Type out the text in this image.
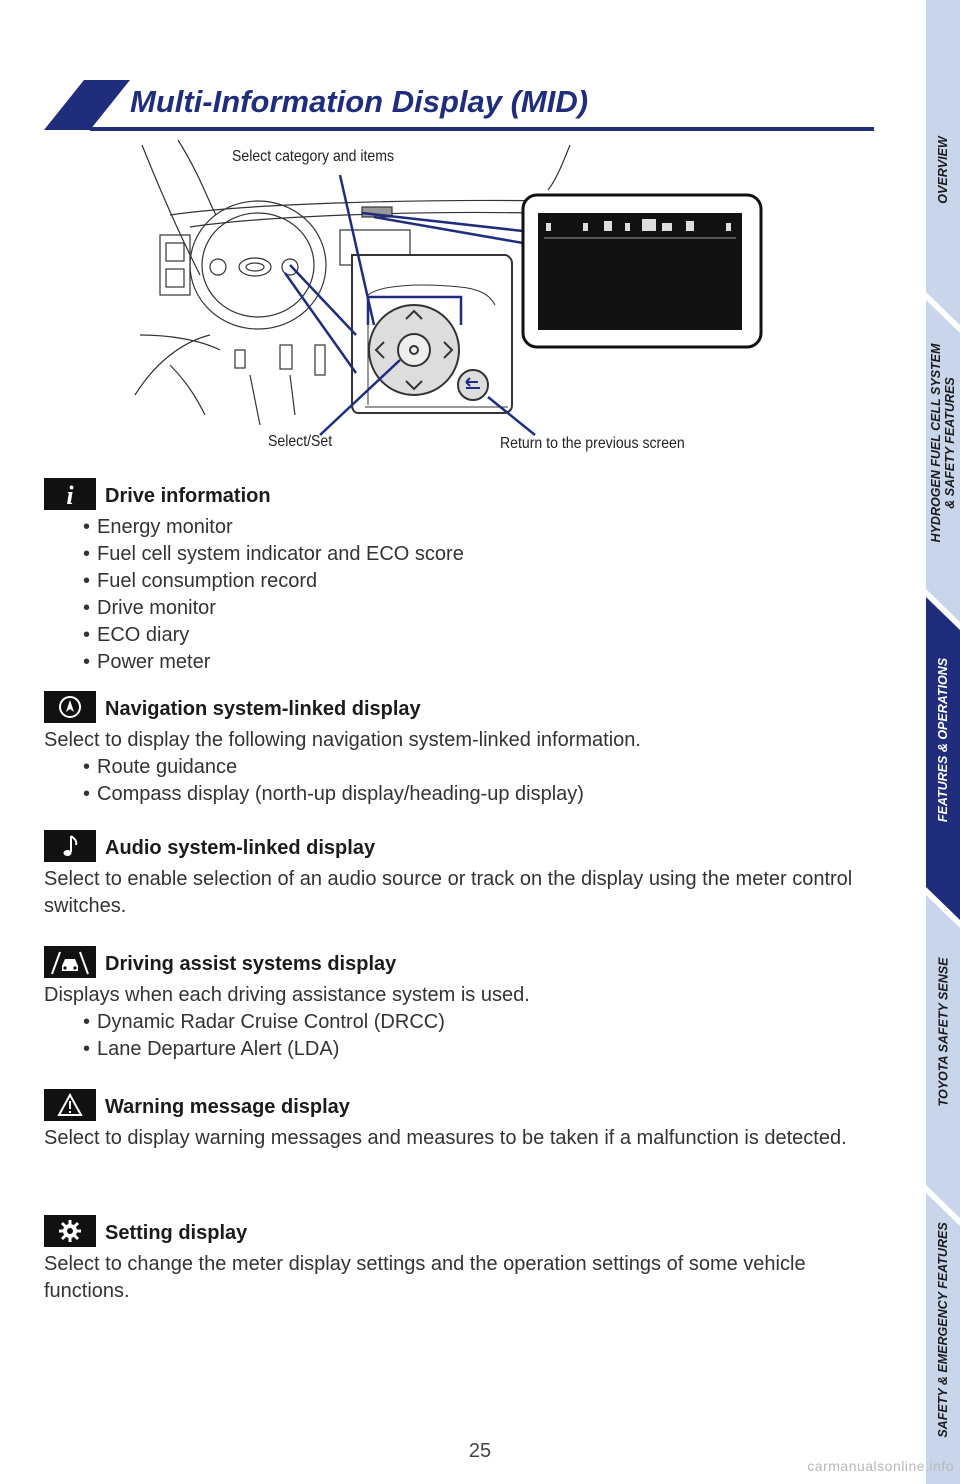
Multi-Information Display (MID)
Select category and items
Select/Set	Return to the previous screen
i Drive information
• Energy monitor
• Fuel cell system indicator and ECO score
• Fuel consumption record
• Drive monitor
• ECO diary
• Power meter
Navigation system-linked display

Select to display the following navigation system-linked information.

• Route guidance
• Compass display (north-up display/heading-up display)
Audio system-linked display

Select to enable selection of an audio source or track on the display using the meter control switches.

Driving assist systems display

Displays when each driving assistance system is used.

• Dynamic Radar Cruise Control (DRCC)
• Lane Departure Alert (LDA)
Warning message display

Select to display warning messages and measures to be taken if a malfunction is detected.

Setting display

Select to change the meter display settings and the operation settings of some vehicle functions.

OVERVIEW
HYDROGEN FUEL CELL SYSTEM
& SAFETY FEATURES
FEATURES & OPERATIONS
TOYOTA SAFETY SENSE
SAFETY & EMERGENCY FEATURES
25
carmanualsonline.info
